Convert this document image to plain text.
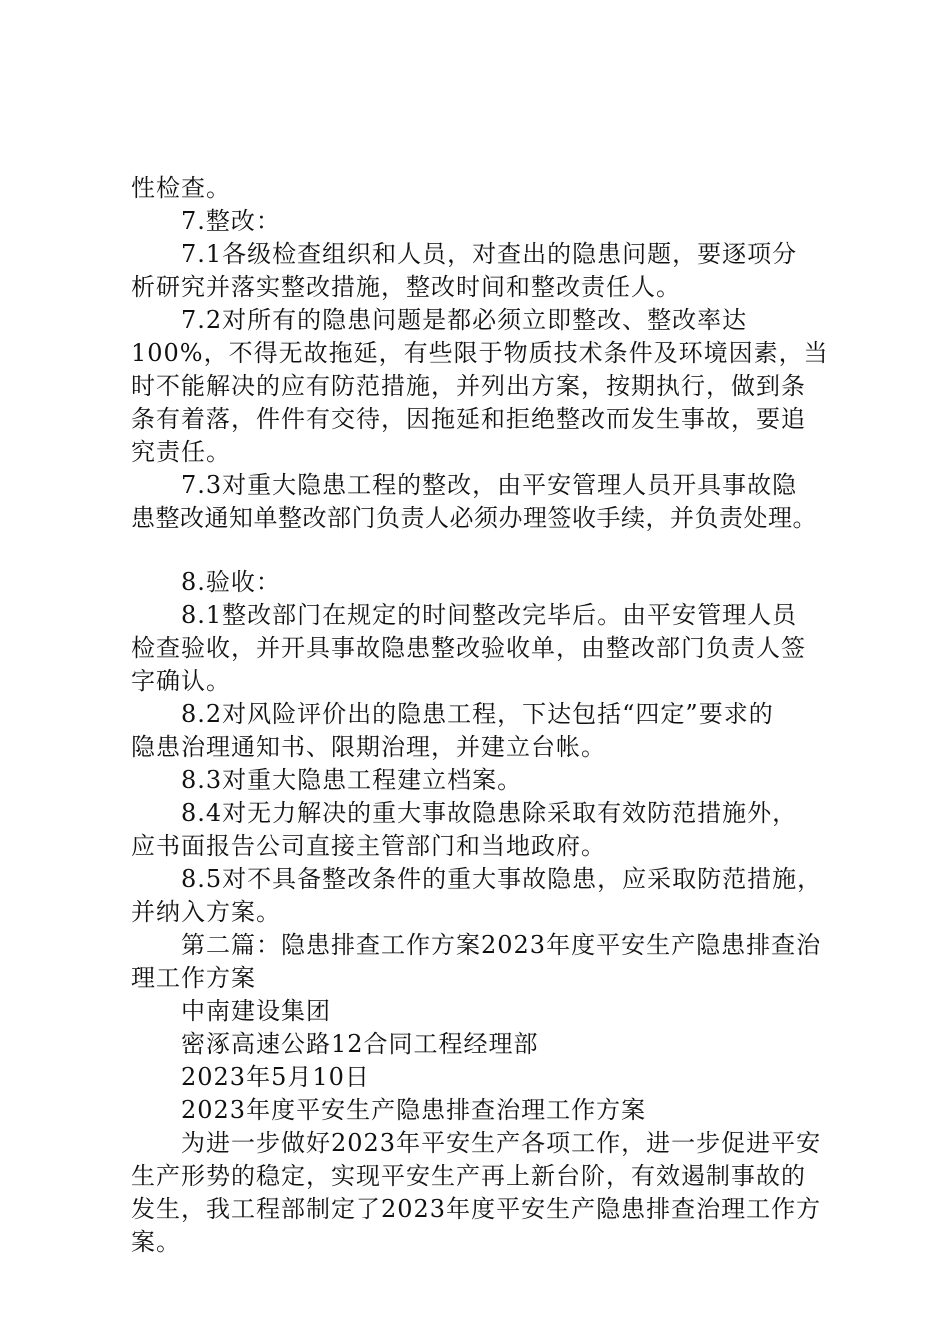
性检查。
7.整改：
7.1各级检查组织和人员，对查出的隐患问题，要逐项分
析研究并落实整改措施，整改时间和整改责任人。
7.2对所有的隐患问题是都必须立即整改、整改率达
100%，不得无故拖延，有些限于物质技术条件及环境因素，当
时不能解决的应有防范措施，并列出方案，按期执行，做到条
条有着落，件件有交待，因拖延和拒绝整改而发生事故，要追
究责任。
7.3对重大隐患工程的整改，由平安管理人员开具事故隐
患整改通知单整改部门负责人必须办理签收手续，并负责处理。
8.验收：
8.1整改部门在规定的时间整改完毕后。由平安管理人员
检查验收，并开具事故隐患整改验收单，由整改部门负责人签
字确认。
8.2对风险评价出的隐患工程，下达包括“四定”要求的
隐患治理通知书、限期治理，并建立台帐。
8.3对重大隐患工程建立档案。
8.4对无力解决的重大事故隐患除采取有效防范措施外，
应书面报告公司直接主管部门和当地政府。
8.5对不具备整改条件的重大事故隐患，应采取防范措施，
并纳入方案。
第二篇：隐患排查工作方案2023年度平安生产隐患排查治
理工作方案
中南建设集团
密涿高速公路12合同工程经理部
2023年5月10日
2023年度平安生产隐患排查治理工作方案
为进一步做好2023年平安生产各项工作，进一步促进平安
生产形势的稳定，实现平安生产再上新台阶，有效遏制事故的
发生，我工程部制定了2023年度平安生产隐患排查治理工作方
案。
